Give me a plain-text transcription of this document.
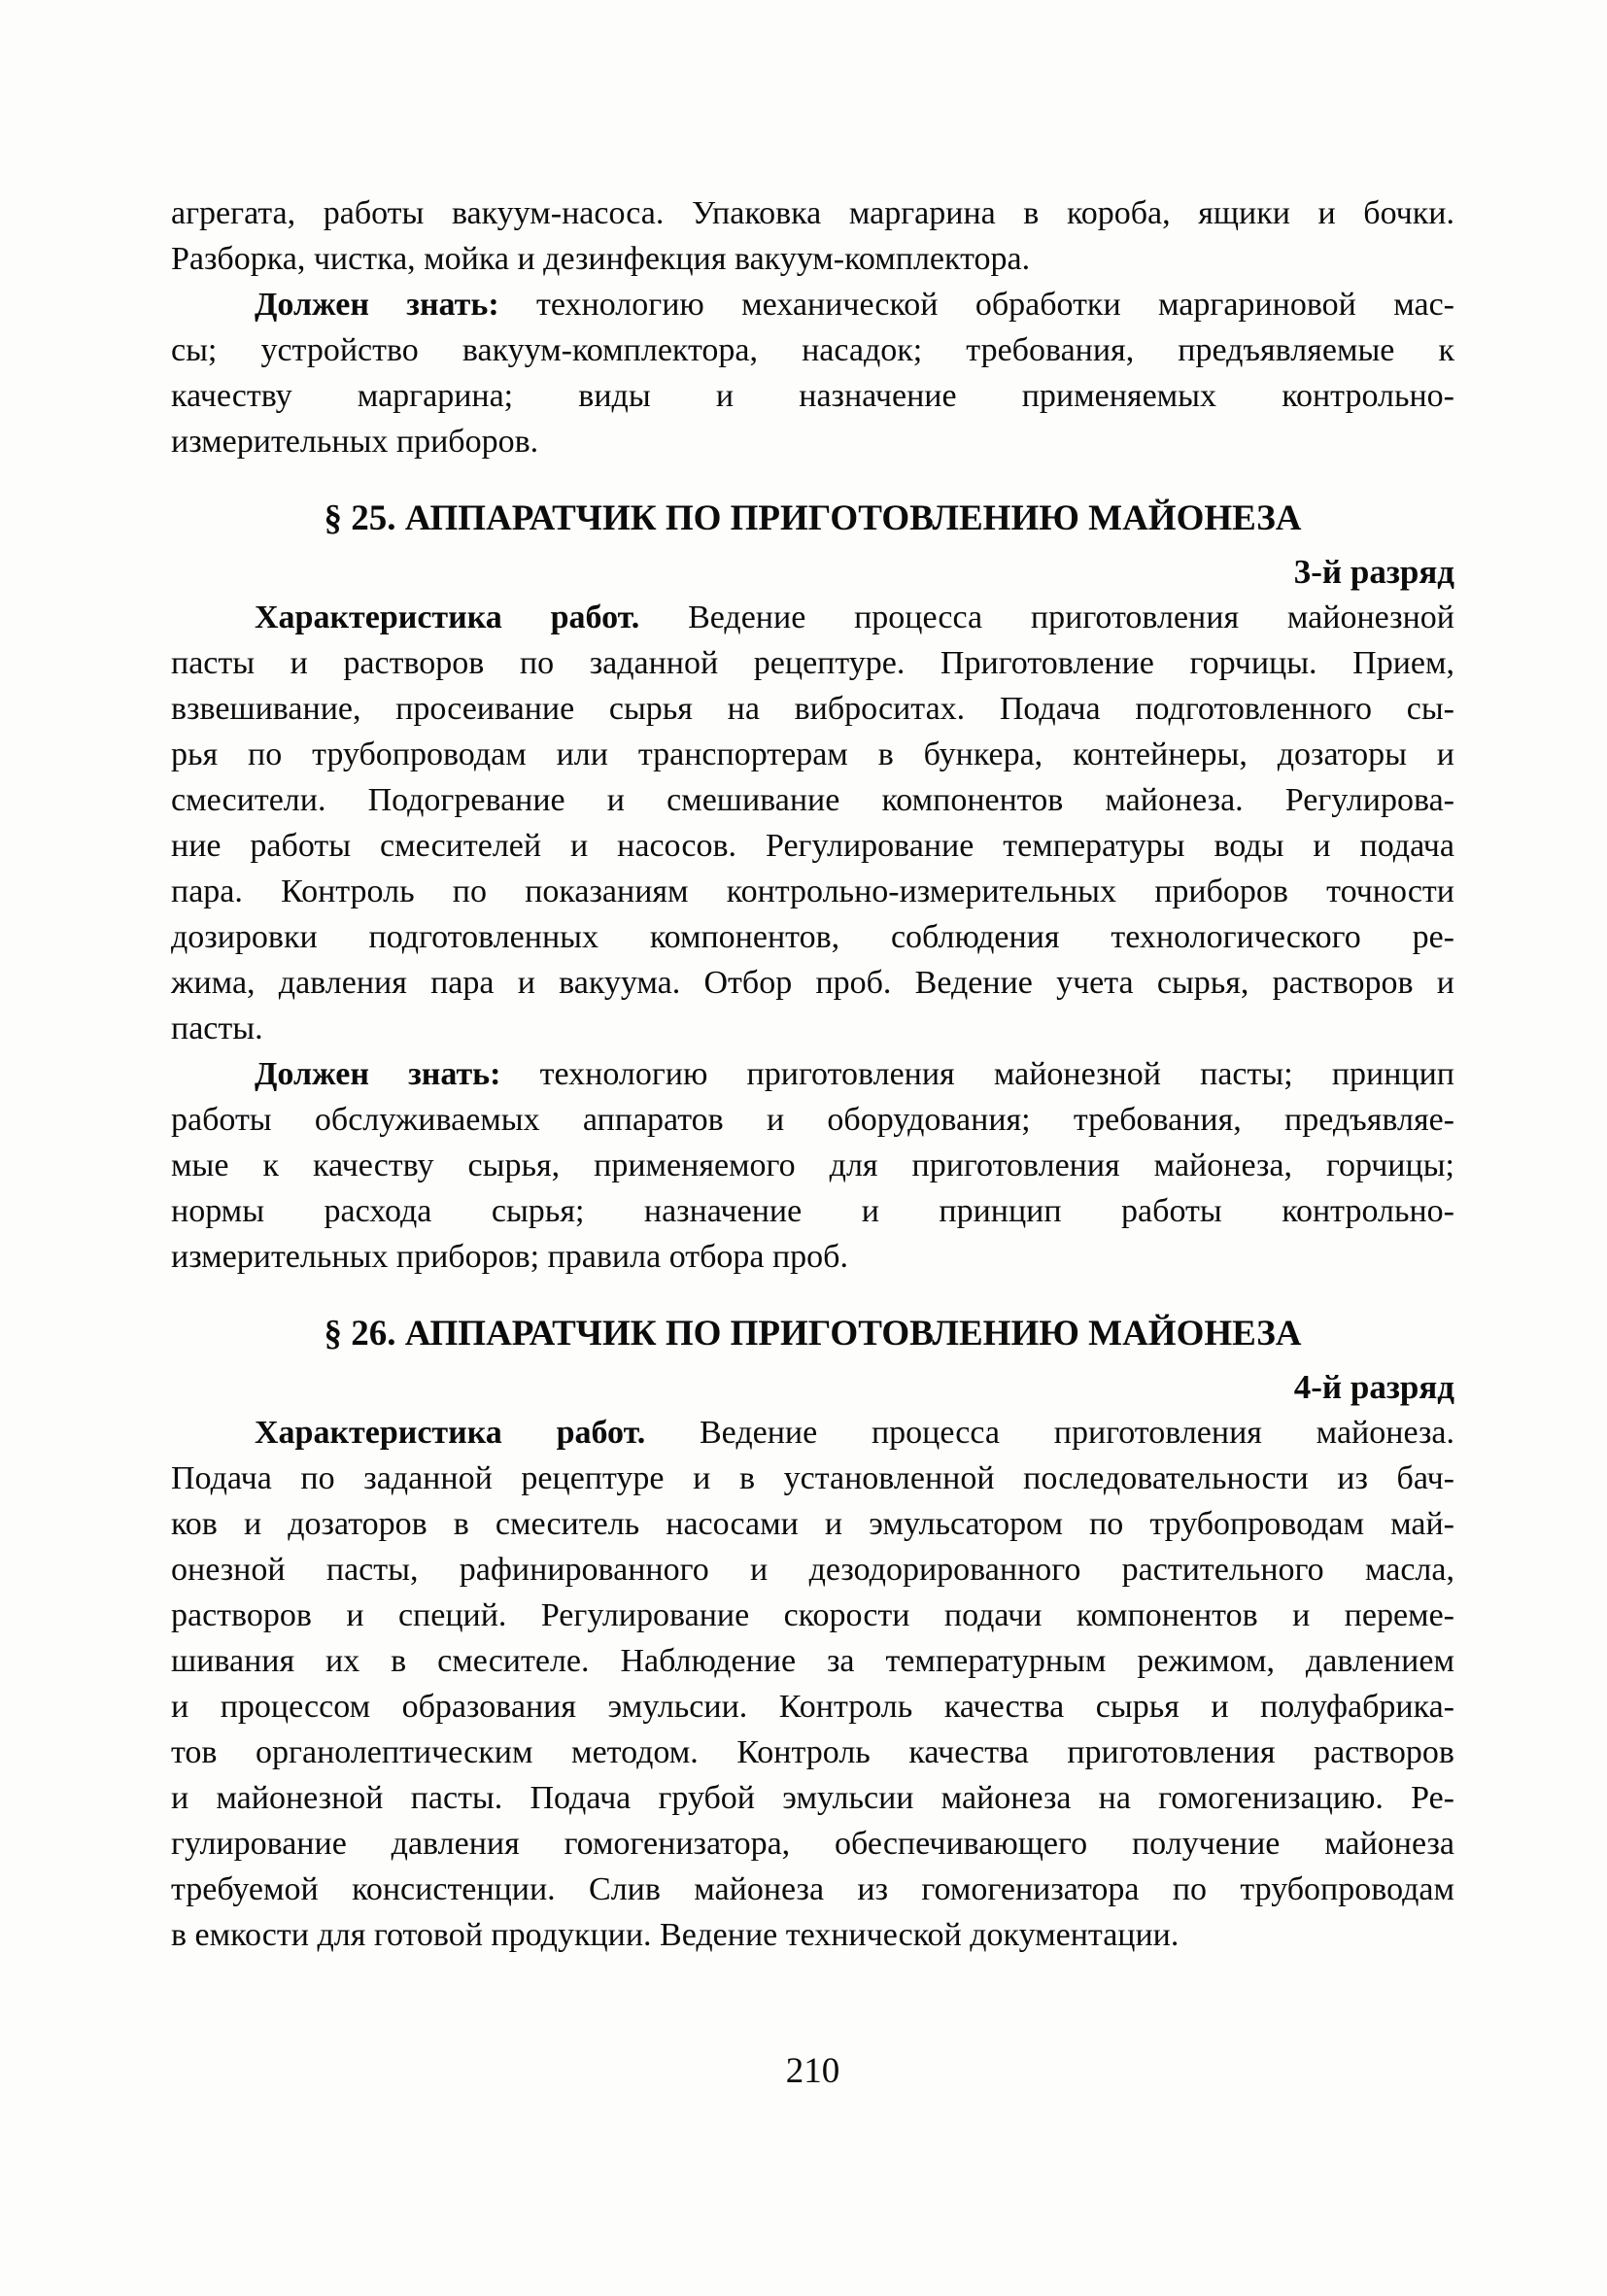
агрегата, работы вакуум-насоса. Упаковка маргарина в короба, ящики и бочки.
Разборка, чистка, мойка и дезинфекция вакуум-комплектора.
Должен знать: технологию механической обработки маргариновой мас-
сы; устройство вакуум-комплектора, насадок; требования, предъявляемые к
качеству маргарина; виды и назначение применяемых контрольно-
измерительных приборов.
§ 25. АППАРАТЧИК ПО ПРИГОТОВЛЕНИЮ МАЙОНЕЗА
3-й разряд
Характеристика работ. Ведение процесса приготовления майонезной
пасты и растворов по заданной рецептуре. Приготовление горчицы. Прием,
взвешивание, просеивание сырья на виброситах. Подача подготовленного сы-
рья по трубопроводам или транспортерам в бункера, контейнеры, дозаторы и
смесители. Подогревание и смешивание компонентов майонеза. Регулирова-
ние работы смесителей и насосов. Регулирование температуры воды и подача
пара. Контроль по показаниям контрольно-измерительных приборов точности
дозировки подготовленных компонентов, соблюдения технологического ре-
жима, давления пара и вакуума. Отбор проб. Ведение учета сырья, растворов и
пасты.
Должен знать: технологию приготовления майонезной пасты; принцип
работы обслуживаемых аппаратов и оборудования; требования, предъявляе-
мые к качеству сырья, применяемого для приготовления майонеза, горчицы;
нормы расхода сырья; назначение и принцип работы контрольно-
измерительных приборов; правила отбора проб.
§ 26. АППАРАТЧИК ПО ПРИГОТОВЛЕНИЮ МАЙОНЕЗА
4-й разряд
Характеристика работ. Ведение процесса приготовления майонеза.
Подача по заданной рецептуре и в установленной последовательности из бач-
ков и дозаторов в смеситель насосами и эмульсатором по трубопроводам май-
онезной пасты, рафинированного и дезодорированного растительного масла,
растворов и специй. Регулирование скорости подачи компонентов и переме-
шивания их в смесителе. Наблюдение за температурным режимом, давлением
и процессом образования эмульсии. Контроль качества сырья и полуфабрика-
тов органолептическим методом. Контроль качества приготовления растворов
и майонезной пасты. Подача грубой эмульсии майонеза на гомогенизацию. Ре-
гулирование давления гомогенизатора, обеспечивающего получение майонеза
требуемой консистенции. Слив майонеза из гомогенизатора по трубопроводам
в емкости для готовой продукции. Ведение технической документации.
210
